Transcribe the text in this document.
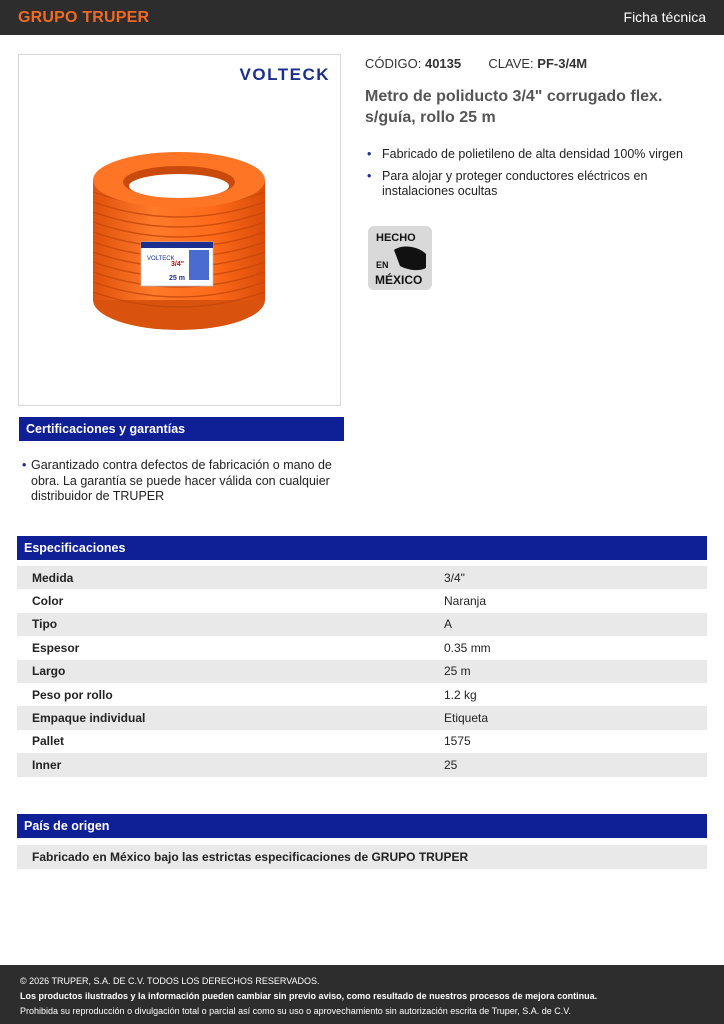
GRUPO TRUPER	Ficha técnica
VOLTECK
VOLTECK
3/4"
25 m
CÓDIGO: 40135 CLAVE: PF-3/4M
Metro de poliducto 3/4" corrugado flex. s/guía, rollo 25 m
• Fabricado de polietileno de alta densidad 100% virgen
• Para alojar y proteger conductores eléctricos en instalaciones ocultas
HECHO
EN
MÉXICO
Certificaciones y garantías
• Garantizado contra defectos de fabricación o mano de obra. La garantía se puede hacer válida con cualquier distribuidor de TRUPER
Especificaciones
Medida	3/4"
Color	Naranja
Tipo	A
Espesor	0.35 mm
Largo	25 m
Peso por rollo	1.2 kg
Empaque individual	Etiqueta
Pallet	1575
Inner	25
País de origen
Fabricado en México bajo las estrictas especificaciones de GRUPO TRUPER
© 2026 TRUPER, S.A. DE C.V. TODOS LOS DERECHOS RESERVADOS.
Los productos ilustrados y la información pueden cambiar sin previo aviso, como resultado de nuestros procesos de mejora continua.
Prohibida su reproducción o divulgación total o parcial así como su uso o aprovechamiento sin autorización escrita de Truper, S.A. de C.V.
